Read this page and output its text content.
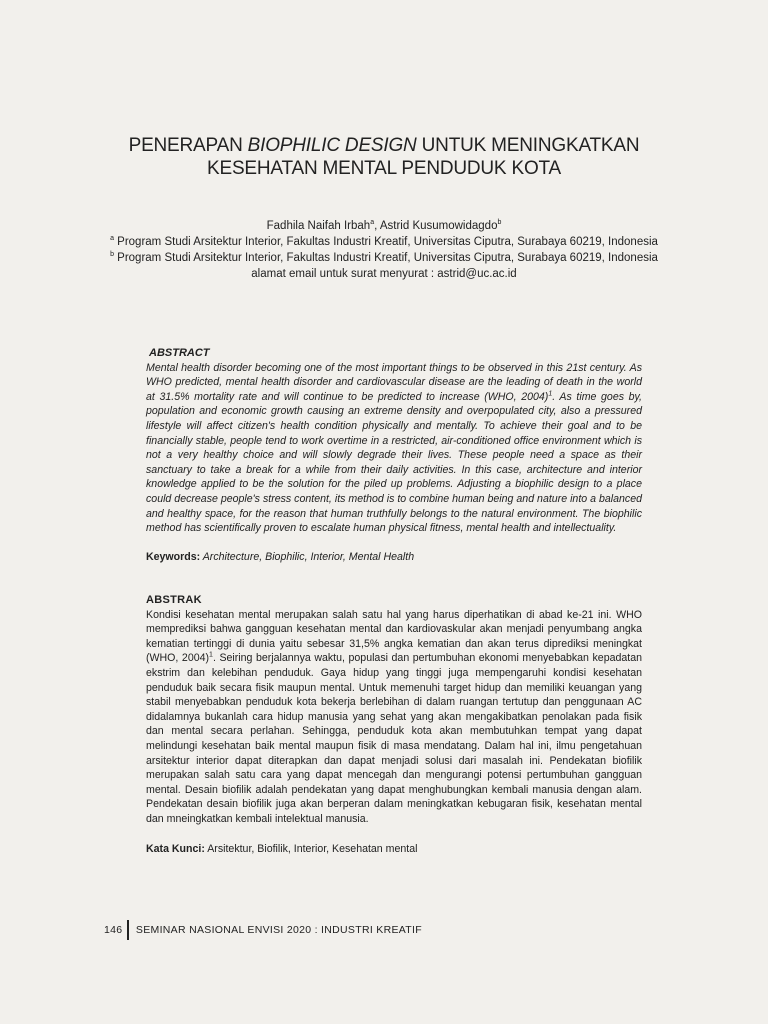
PENERAPAN BIOPHILIC DESIGN UNTUK MENINGKATKAN
KESEHATAN MENTAL PENDUDUK KOTA
Fadhila Naifah Irbah$^a$, Astrid Kusumowidagdo$^b$
$^a$ Program Studi Arsitektur Interior, Fakultas Industri Kreatif, Universitas Ciputra, Surabaya 60219, Indonesia
$^b$ Program Studi Arsitektur Interior, Fakultas Industri Kreatif, Universitas Ciputra, Surabaya 60219, Indonesia
alamat email untuk surat menyurat : astrid@uc.ac.id
ABSTRACT
Mental health disorder becoming one of the most important things to be observed in this 21st century. As WHO predicted, mental health disorder and cardiovascular disease are the leading of death in the world at 31.5% mortality rate and will continue to be predicted to increase (WHO, 2004)$^1$. As time goes by, population and economic growth causing an extreme density and overpopulated city, also a pressured lifestyle will affect citizen's health condition physically and mentally. To achieve their goal and to be financially stable, people tend to work overtime in a restricted, air-conditioned office environment which is not a very healthy choice and will slowly degrade their lives. These people need a space as their sanctuary to take a break for a while from their daily activities. In this case, architecture and interior knowledge applied to be the solution for the piled up problems. Adjusting a biophilic design to a place could decrease people's stress content, its method is to combine human being and nature into a balanced and healthy space, for the reason that human truthfully belongs to the natural environment. The biophilic method has scientifically proven to escalate human physical fitness, mental health and intellectuality.
Keywords: Architecture, Biophilic, Interior, Mental Health
ABSTRAK
Kondisi kesehatan mental merupakan salah satu hal yang harus diperhatikan di abad ke-21 ini. WHO memprediksi bahwa gangguan kesehatan mental dan kardiovaskular akan menjadi penyumbang angka kematian tertinggi di dunia yaitu sebesar 31,5% angka kematian dan akan terus diprediksi meningkat (WHO, 2004)$^1$. Seiring berjalannya waktu, populasi dan pertumbuhan ekonomi menyebabkan kepadatan ekstrim dan kelebihan penduduk. Gaya hidup yang tinggi juga mempengaruhi kondisi kesehatan penduduk baik secara fisik maupun mental. Untuk memenuhi target hidup dan memiliki keuangan yang stabil menyebabkan penduduk kota bekerja berlebihan di dalam ruangan tertutup dan penggunaan AC didalamnya bukanlah cara hidup manusia yang sehat yang akan mengakibatkan penolakan pada fisik dan mental secara perlahan. Sehingga, penduduk kota akan membutuhkan tempat yang dapat melindungi kesehatan baik mental maupun fisik di masa mendatang. Dalam hal ini, ilmu pengetahuan arsitektur interior dapat diterapkan dan dapat menjadi solusi dari masalah ini. Pendekatan biofilik merupakan salah satu cara yang dapat mencegah dan mengurangi potensi pertumbuhan gangguan mental. Desain biofilik adalah pendekatan yang dapat menghubungkan kembali manusia dengan alam. Pendekatan desain biofilik juga akan berperan dalam meningkatkan kebugaran fisik, kesehatan mental dan mneingkatkan kembali intelektual manusia.
Kata Kunci: Arsitektur, Biofilik, Interior, Kesehatan mental
146	SEMINAR NASIONAL ENVISI 2020 : INDUSTRI KREATIF
